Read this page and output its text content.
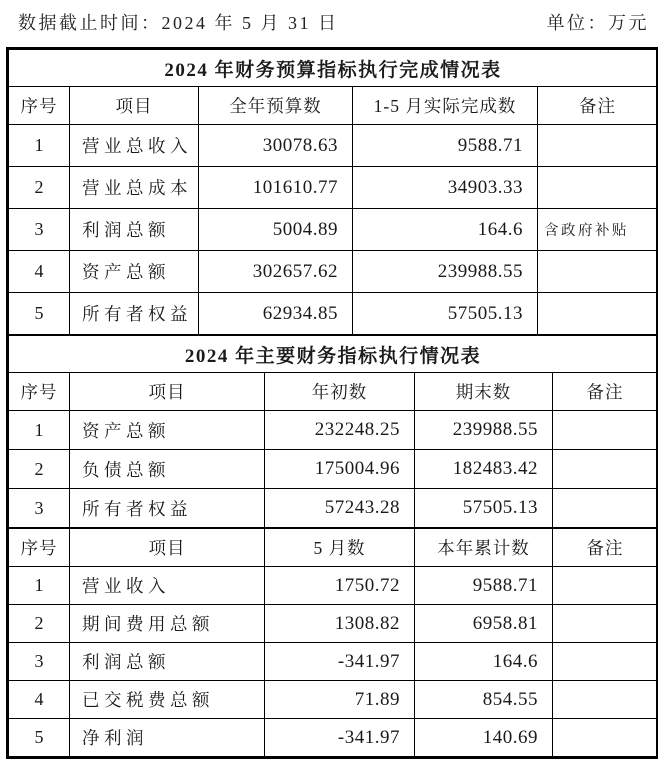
数据截止时间：2024 年 5 月 31 日	单位：万元
2024 年财务预算指标执行完成情况表				
序号	项目	全年预算数	1-5 月实际完成数	备注
1	营业总收入	30078.63	9588.71	
2	营业总成本	101610.77	34903.33	
3	利润总额	5004.89	164.6	含政府补贴
4	资产总额	302657.62	239988.55	
5	所有者权益	62934.85	57505.13	
2024 年主要财务指标执行情况表				
序号	项目	年初数	期末数	备注
1	资产总额	232248.25	239988.55	
2	负债总额	175004.96	182483.42	
3	所有者权益	57243.28	57505.13	
序号	项目	5 月数	本年累计数	备注
1	营业收入	1750.72	9588.71	
2	期间费用总额	1308.82	6958.81	
3	利润总额	-341.97	164.6	
4	已交税费总额	71.89	854.55	
5	净利润	-341.97	140.69	
